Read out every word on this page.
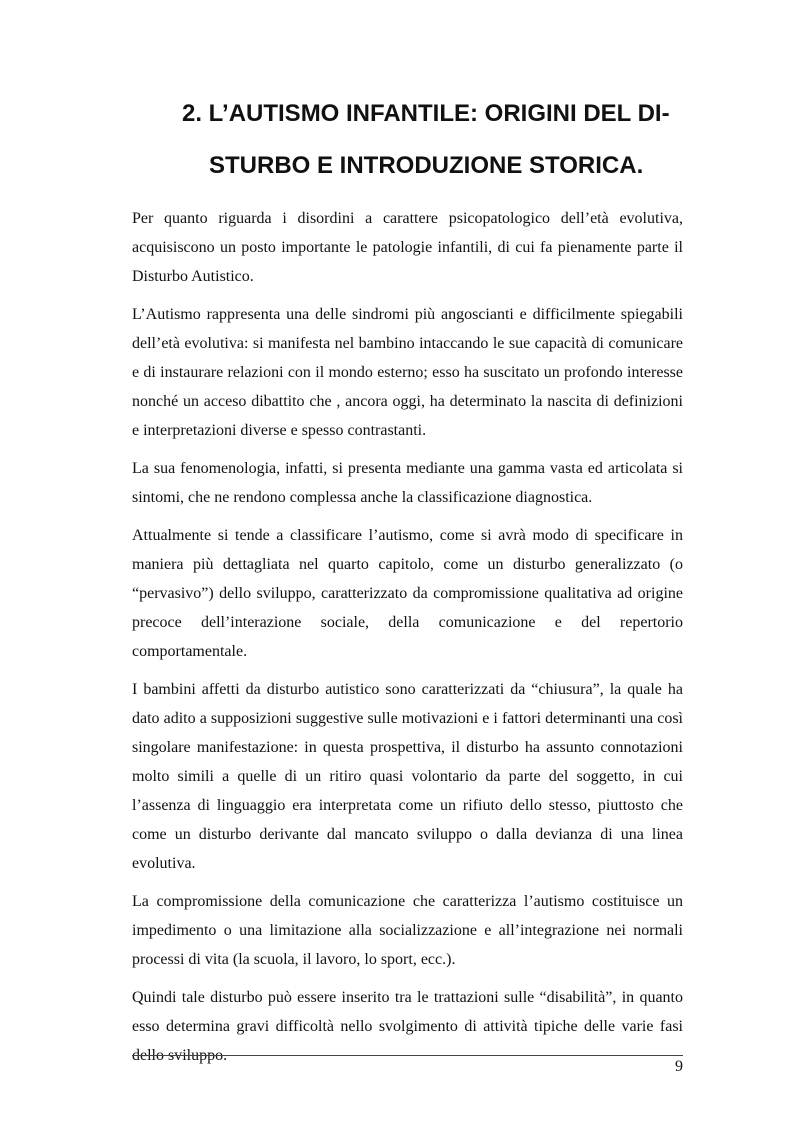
2. L’AUTISMO INFANTILE: ORIGINI DEL DI-
STURBO E INTRODUZIONE STORICA.

Per quanto riguarda i disordini a carattere psicopatologico dell’età evolutiva, acquisiscono un posto importante le patologie infantili, di cui fa pienamente parte il Disturbo Autistico.

L’Autismo rappresenta una delle sindromi più angoscianti e difficilmente spiegabili dell’età evolutiva: si manifesta nel bambino intaccando le sue capacità di comunicare e di instaurare relazioni con il mondo esterno; esso ha suscitato un profondo interesse nonché un acceso dibattito che , ancora oggi, ha determinato la nascita di definizioni e interpretazioni diverse e spesso contrastanti.

La sua fenomenologia, infatti, si presenta mediante una gamma vasta ed articolata si sintomi, che ne rendono complessa anche la classificazione diagnostica.

Attualmente si tende a classificare l’autismo, come si avrà modo di specificare in maniera più dettagliata nel quarto capitolo, come un disturbo generalizzato (o “pervasivo”) dello sviluppo, caratterizzato da compromissione qualitativa ad origine precoce dell’interazione sociale, della comunicazione e del repertorio comportamentale.

I bambini affetti da disturbo autistico sono caratterizzati da “chiusura”, la quale ha dato adito a supposizioni suggestive sulle motivazioni e i fattori determinanti una così singolare manifestazione: in questa prospettiva, il disturbo ha assunto connotazioni molto simili a quelle di un ritiro quasi volontario da parte del soggetto, in cui l’assenza di linguaggio era interpretata come un rifiuto dello stesso, piuttosto che come un disturbo derivante dal mancato sviluppo o dalla devianza di una linea evolutiva.

La compromissione della comunicazione che caratterizza l’autismo costituisce un impedimento o una limitazione alla socializzazione e all’integrazione nei normali processi di vita (la scuola, il lavoro, lo sport, ecc.).

Quindi tale disturbo può essere inserito tra le trattazioni sulle “disabilità”, in quanto esso determina gravi difficoltà nello svolgimento di attività tipiche delle varie fasi dello sviluppo.

9
